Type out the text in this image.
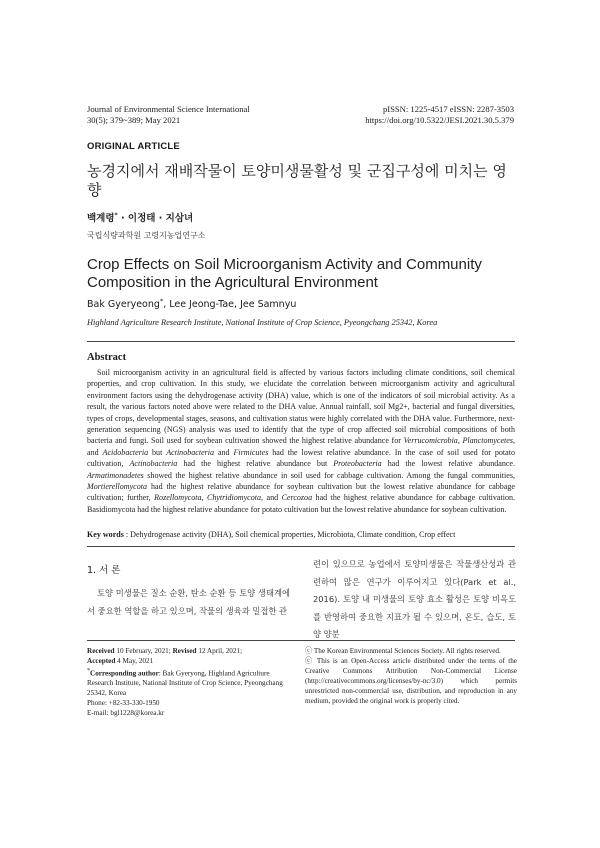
Journal of Environmental Science International
30(5); 379~389; May 2021
pISSN: 1225-4517 eISSN: 2287-3503
https://doi.org/10.5322/JESI.2021.30.5.379
ORIGINAL ARTICLE
농경지에서 재배작물이 토양미생물활성 및 군집구성에 미치는 영향
백계령* · 이정태 · 지삼녀
국립식량과학원 고령지농업연구소
Crop Effects on Soil Microorganism Activity and Community Composition in the Agricultural Environment
Bak Gyeryeong*, Lee Jeong-Tae, Jee Samnyu
Highland Agriculture Research Institute, National Institute of Crop Science, Pyeongchang 25342, Korea
Abstract
Soil microorganism activity in an agricultural field is affected by various factors including climate conditions, soil chemical properties, and crop cultivation. In this study, we elucidate the correlation between microorganism activity and agricultural environment factors using the dehydrogenase activity (DHA) value, which is one of the indicators of soil microbial activity. As a result, the various factors noted above were related to the DHA value. Annual rainfall, soil Mg2+, bacterial and fungal diversities, types of crops, developmental stages, seasons, and cultivation status were highly correlated with the DHA value. Furthermore, next-generation sequencing (NGS) analysis was used to identify that the type of crop affected soil microbial compositions of both bacteria and fungi. Soil used for soybean cultivation showed the highest relative abundance for Verrucomicrobia, Planctomycetes, and Acidobacteria but Actinobacteria and Firmicutes had the lowest relative abundance. In the case of soil used for potato cultivation, Actinobacteria had the highest relative abundance but Proteobacteria had the lowest relative abundance. Armatimonadetes showed the highest relative abundance in soil used for cabbage cultivation. Among the fungal communities, Mortierellomycota had the highest relative abundance for soybean cultivation but the lowest relative abundance for cabbage cultivation; further, Rozellomycota, Chytridiomycota, and Cercozoa had the highest relative abundance for cabbage cultivation. Basidiomycota had the highest relative abundance for potato cultivation but the lowest relative abundance for soybean cultivation.
Key words : Dehydrogenase activity (DHA), Soil chemical properties, Microbiota, Climate condition, Crop effect
1. 서 론
토양 미생물은 질소 순환, 탄소 순환 등 토양 생태계에서 중요한 역할을 하고 있으며, 작물의 생육과 밀접한 관
련이 있으므로 농업에서 토양미생물은 작물생산성과 관련하여 많은 연구가 이루어지고 있다(Park et al., 2016). 토양 내 미생물의 토양 효소 활성은 토양 비옥도를 반영하여 중요한 지표가 될 수 있으며, 온도, 습도, 토양 양분
Received 10 February, 2021; Revised 12 April, 2021;
Accepted 4 May, 2021
*Corresponding author: Bak Gyeryong, Highland Agriculture Research Institute, National Institute of Crop Science, Pyeongchang 25342, Korea
Phone: +82-33-330-1950
E-mail: bgl1228@korea.kr
ⓒ The Korean Environmental Sciences Society. All rights reserved.
ⓒ This is an Open-Access article distributed under the terms of the Creative Commons Attribution Non-Commercial License (http://creativecommons.org/licenses/by-nc/3.0) which permits unrestricted non-commercial use, distribution, and reproduction in any medium, provided the original work is properly cited.
